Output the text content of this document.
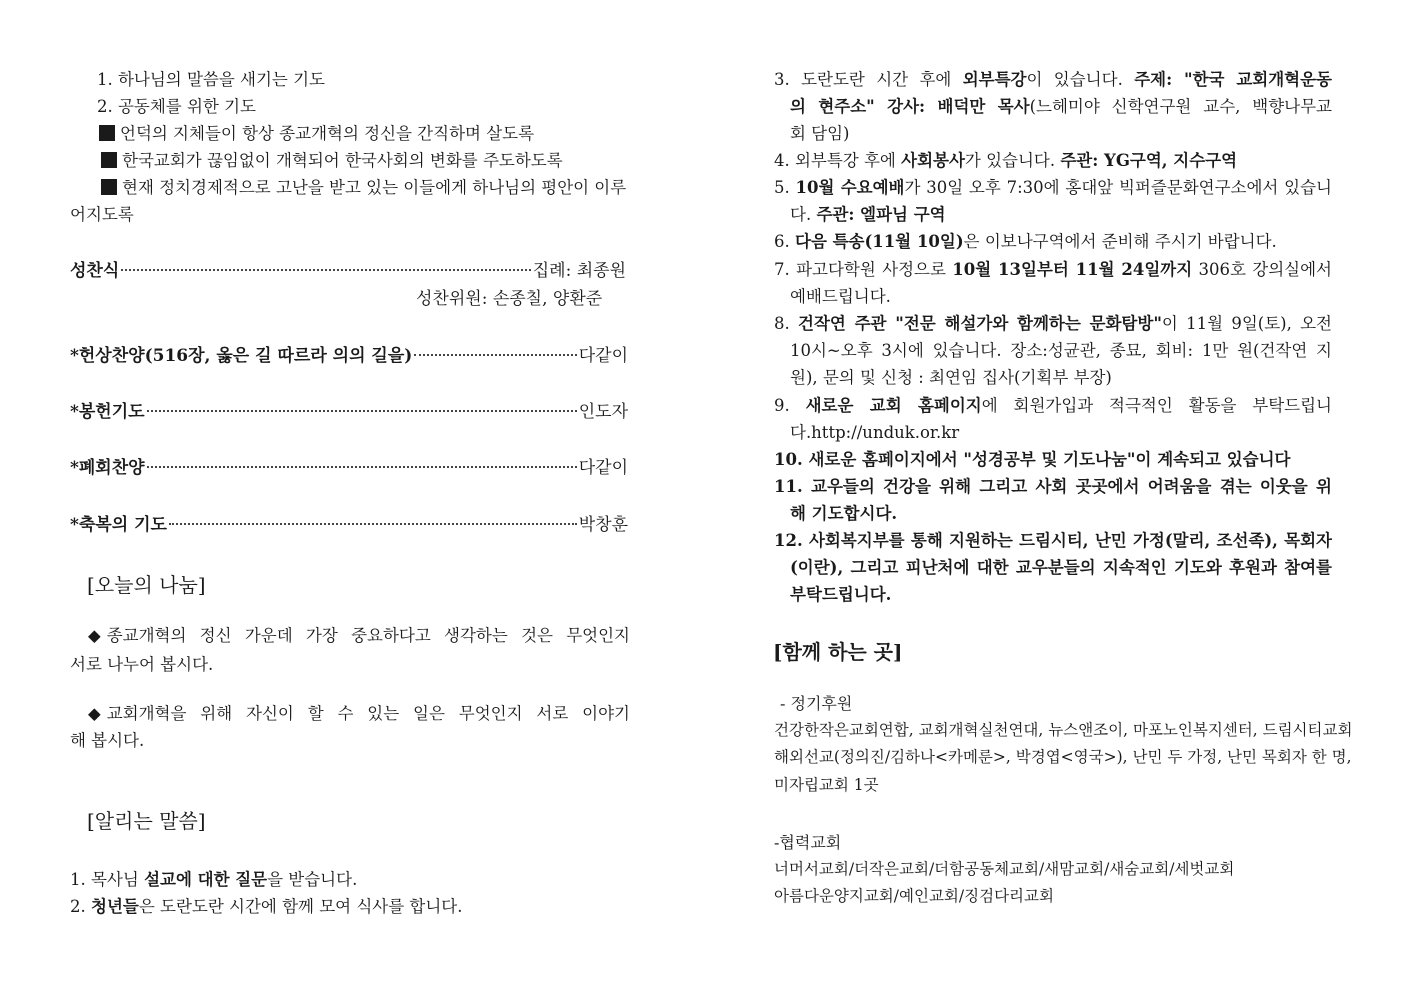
1. 하나님의 말씀을 새기는 기도
2. 공동체를 위한 기도
언덕의 지체들이 항상 종교개혁의 정신을 간직하며 살도록
한국교회가 끊임없이 개혁되어 한국사회의 변화를 주도하도록
현재 정치경제적으로 고난을 받고 있는 이들에게 하나님의 평안이 이루
어지도록
성찬식	집례: 최종원
성찬위원: 손종칠, 양환준
*헌상찬양(516장, 옳은 길 따르라 의의 길을)	다같이
*봉헌기도	인도자
*폐회찬양	다같이
*축복의 기도	박창훈
[오늘의 나눔]
◆ 종교개혁의 정신 가운데 가장 중요하다고 생각하는 것은 무엇인지
서로 나누어 봅시다.
◆ 교회개혁을 위해 자신이 할 수 있는 일은 무엇인지 서로 이야기
해 봅시다.
[알리는 말씀]
1. 목사님 설교에 대한 질문을 받습니다.
2. 청년들은 도란도란 시간에 함께 모여 식사를 합니다.
3. 도란도란 시간 후에 외부특강이 있습니다. 주제: "한국 교회개혁운동
의 현주소" 강사: 배덕만 목사(느헤미야 신학연구원 교수, 백향나무교
회 담임)
4. 외부특강 후에 사회봉사가 있습니다. 주관: YG구역, 지수구역
5. 10월 수요예배가 30일 오후 7:30에 홍대앞 빅퍼즐문화연구소에서 있습니
다. 주관: 엘파님 구역
6. 다음 특송(11월 10일)은 이보나구역에서 준비해 주시기 바랍니다.
7. 파고다학원 사정으로 10월 13일부터 11월 24일까지 306호 강의실에서
예배드립니다.
8. 건작연 주관 "전문 해설가와 함께하는 문화탐방"이 11월 9일(토), 오전
10시~오후 3시에 있습니다. 장소:성균관, 종묘, 회비: 1만 원(건작연 지
원), 문의 및 신청 : 최연임 집사(기획부 부장)
9. 새로운 교회 홈페이지에 회원가입과 적극적인 활동을 부탁드립니
다.http://unduk.or.kr
10. 새로운 홈페이지에서 "성경공부 및 기도나눔"이 계속되고 있습니다
11. 교우들의 건강을 위해 그리고 사회 곳곳에서 어려움을 겪는 이웃을 위
해 기도합시다.
12. 사회복지부를 통해 지원하는 드림시티, 난민 가정(말리, 조선족), 목회자
(이란), 그리고 피난처에 대한 교우분들의 지속적인 기도와 후원과 참여를
부탁드립니다.
[함께 하는 곳]
- 정기후원
건강한작은교회연합, 교회개혁실천연대, 뉴스앤조이, 마포노인복지센터, 드림시티교회
해외선교(정의진/김하나<카메룬>, 박경엽<영국>), 난민 두 가정, 난민 목회자 한 명,
미자립교회 1곳
-협력교회
너머서교회/더작은교회/더함공동체교회/새맘교회/새숨교회/세벗교회
아름다운양지교회/예인교회/징검다리교회
